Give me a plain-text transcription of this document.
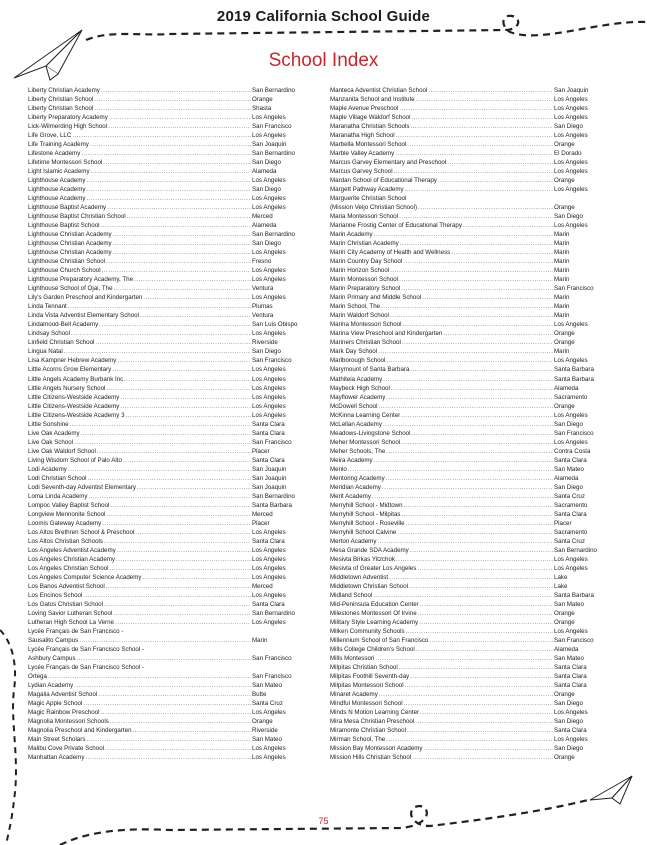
2019 California School Guide
School Index
Liberty Christian Academy .....	San Bernardino
Liberty Christian School .....	Orange
Liberty Christian School .....	Shasta
Liberty Preparatory Academy .....	Los Angeles
Lick-Wilmerding High School .....	San Francisco
Life Grove, LLC .....	Los Angeles
Life Training Academy .....	San Joaquin
Lifestone Academy .....	San Bernardino
Lifetime Montessori School .....	San Diego
Light Islamic Academy .....	Alameda
Lighthouse Academy .....	Los Angeles
Lighthouse Academy .....	San Diego
Lighthouse Academy .....	Los Angeles
Lighthouse Baptist Academy .....	Los Angeles
Lighthouse Baptist Christian School .....	Merced
Lighthouse Baptist School .....	Alameda
Lighthouse Christian Academy .....	San Bernardino
Lighthouse Christian Academy .....	San Diego
Lighthouse Christian Academy .....	Los Angeles
Lighthouse Christian School .....	Fresno
Lighthouse Church School .....	Los Angeles
Lighthouse Preparatory Academy, The .....	Los Angeles
Lighthouse School of Ojai, The .....	Ventura
Lily's Garden Preschool and Kindergarten .....	Los Angeles
Linda Tennant .....	Plumas
Linda Vista Adventist Elementary School .....	Ventura
Lindamood-Bell Academy .....	San Luis Obispo
Lindsay School .....	Los Angeles
Linfield Christian School .....	Riverside
Lingua Natal .....	San Diego
Lisa Kampner Hebrew Academy .....	San Francisco
Little Acorns Grow Elementary .....	Los Angeles
Little Angels Academy Burbank Inc. .....	Los Angeles
Little Angels Nursery School .....	Los Angeles
Little Citizens-Westside Academy .....	Los Angeles
Little Citizens-Westside Academy .....	Los Angeles
Little Citizens-Westside Academy 3 .....	Los Angeles
Little Sonshine .....	Santa Clara
Live Oak Academy .....	Santa Clara
Live Oak School .....	San Francisco
Live Oak Waldorf School .....	Placer
Living Wisdom School of Palo Alto .....	Santa Clara
Lodi Academy .....	San Joaquin
Lodi Christian School .....	San Joaquin
Lodi Seventh-day Adventist Elementary .....	San Joaquin
Loma Linda Academy .....	San Bernardino
Lompoc Valley Baptist School .....	Santa Barbara
Longview Mennonite School .....	Merced
Loomis Gateway Academy .....	Placer
Los Altos Brethren School & Preschool .....	Los Angeles
Los Altos Christian Schools .....	Santa Clara
Los Angeles Adventist Academy .....	Los Angeles
Los Angeles Christian Academy .....	Los Angeles
Los Angeles Christian School .....	Los Angeles
Los Angeles Computer Science Academy .....	Los Angeles
Los Banos Adventist School .....	Merced
Los Encinos School .....	Los Angeles
Los Gatos Christian School .....	Santa Clara
Loving Savior Lutheran School .....	San Bernardino
Lutheran High School La Verne .....	Los Angeles
Lycée Français de San Francisco -
Sausalito Campus .....	Marin
Lycée Français de San Francisco School -
Ashbury Campus .....	San Francisco
Lycée Français de San Francisco School -
Ortega .....	San Francisco
Lydian Academy .....	San Mateo
Magalia Adventist School .....	Butte
Magic Apple School .....	Santa Cruz
Magic Rainbow Preschool .....	Los Angeles
Magnolia Montessori Schools .....	Orange
Magnolia Preschool and Kindergarten .....	Riverside
Main Street Scholars .....	San Mateo
Malibu Cove Private School .....	Los Angeles
Manhattan Academy .....	Los Angeles
Manteca Adventist Christian School .....	San Joaquin
Manzanita School and Institute .....	Los Angeles
Maple Avenue Preschool .....	Los Angeles
Maple Village Waldorf School .....	Los Angeles
Maranatha Christian Schools .....	San Diego
Maranatha High School .....	Los Angeles
Marbella Montessori School .....	Orange
Marble Valley Academy .....	El Dorado
Marcus Garvey Elementary and Preschool .....	Los Angeles
Marcus Garvey School .....	Los Angeles
Mardan School of Educational Therapy .....	Orange
Margett Pathway Academy .....	Los Angeles
Marguerite Christian School
(Mission Veijo Christian School) .....	Orange
Maria Montessori School .....	San Diego
Marianne Frostig Center of Educational Therapy .....	Los Angeles
Marin Academy .....	Marin
Marin Christian Academy .....	Marin
Marin City Academy of Health and Wellness .....	Marin
Marin Country Day School .....	Marin
Marin Horizon School .....	Marin
Marin Montessori School .....	Marin
Marin Preparatory School .....	San Francisco
Marin Primary and Middle School .....	Marin
Marin School, The .....	Marin
Marin Waldorf School .....	Marin
Marina Montessori School .....	Los Angeles
Marina View Preschool and Kindergarten .....	Orange
Mariners Christian School .....	Orange
Mark Day School .....	Marin
Marlborough School .....	Los Angeles
Marymount of Santa Barbara .....	Santa Barbara
Mathiteia Academy .....	Santa Barbara
Maybeck High School .....	Alameda
Mayflower Academy .....	Sacramento
McDowell School .....	Orange
McKinna Learning Center .....	Los Angeles
McLellan Academy .....	San Diego
Meadows-Livingstone School .....	San Francisco
Meher Montessori School .....	Los Angeles
Meher Schools, The .....	Contra Costa
Meira Academy .....	Santa Clara
Menlo .....	San Mateo
Mentoring Academy .....	Alameda
Meridian Academy .....	San Diego
Merit Academy .....	Santa Cruz
Merryhill School - Midtown .....	Sacramento
Merryhill School - Milpitas .....	Santa Clara
Merryhill School - Roseville .....	Placer
Merryhill School Calvine .....	Sacramento
Merton Academy .....	Santa Cruz
Mesa Grande SDA Academy .....	San Bernardino
Mesivta Birkas Yitzchok .....	Los Angeles
Mesivta of Greater Los Angeles .....	Los Angeles
Middletown Adventist .....	Lake
Middletown Christian School .....	Lake
Midland School .....	Santa Barbara
Mid-Peninsula Education Center .....	San Mateo
Milestones Montessori Of Irvine .....	Orange
Military Style Learning Academy .....	Orange
Milken Community Schools .....	Los Angeles
Millennium School of San Francisco .....	San Francisco
Mills College Children's School .....	Alameda
Mills Montessori .....	San Mateo
Milpitas Christian School .....	Santa Clara
Milpitas Foothill Seventh-day .....	Santa Clara
Milpitas Montessori School .....	Santa Clara
Minaret Academy .....	Orange
Mindful Montessori School .....	San Diego
Minds N Motion Learning Center .....	Los Angeles
Mira Mesa Christian Preschool .....	San Diego
Miramonte Christian School .....	Santa Clara
Mirman School, The .....	Los Angeles
Mission Bay Montessori Academy .....	San Diego
Mission Hills Christian School .....	Orange
75
